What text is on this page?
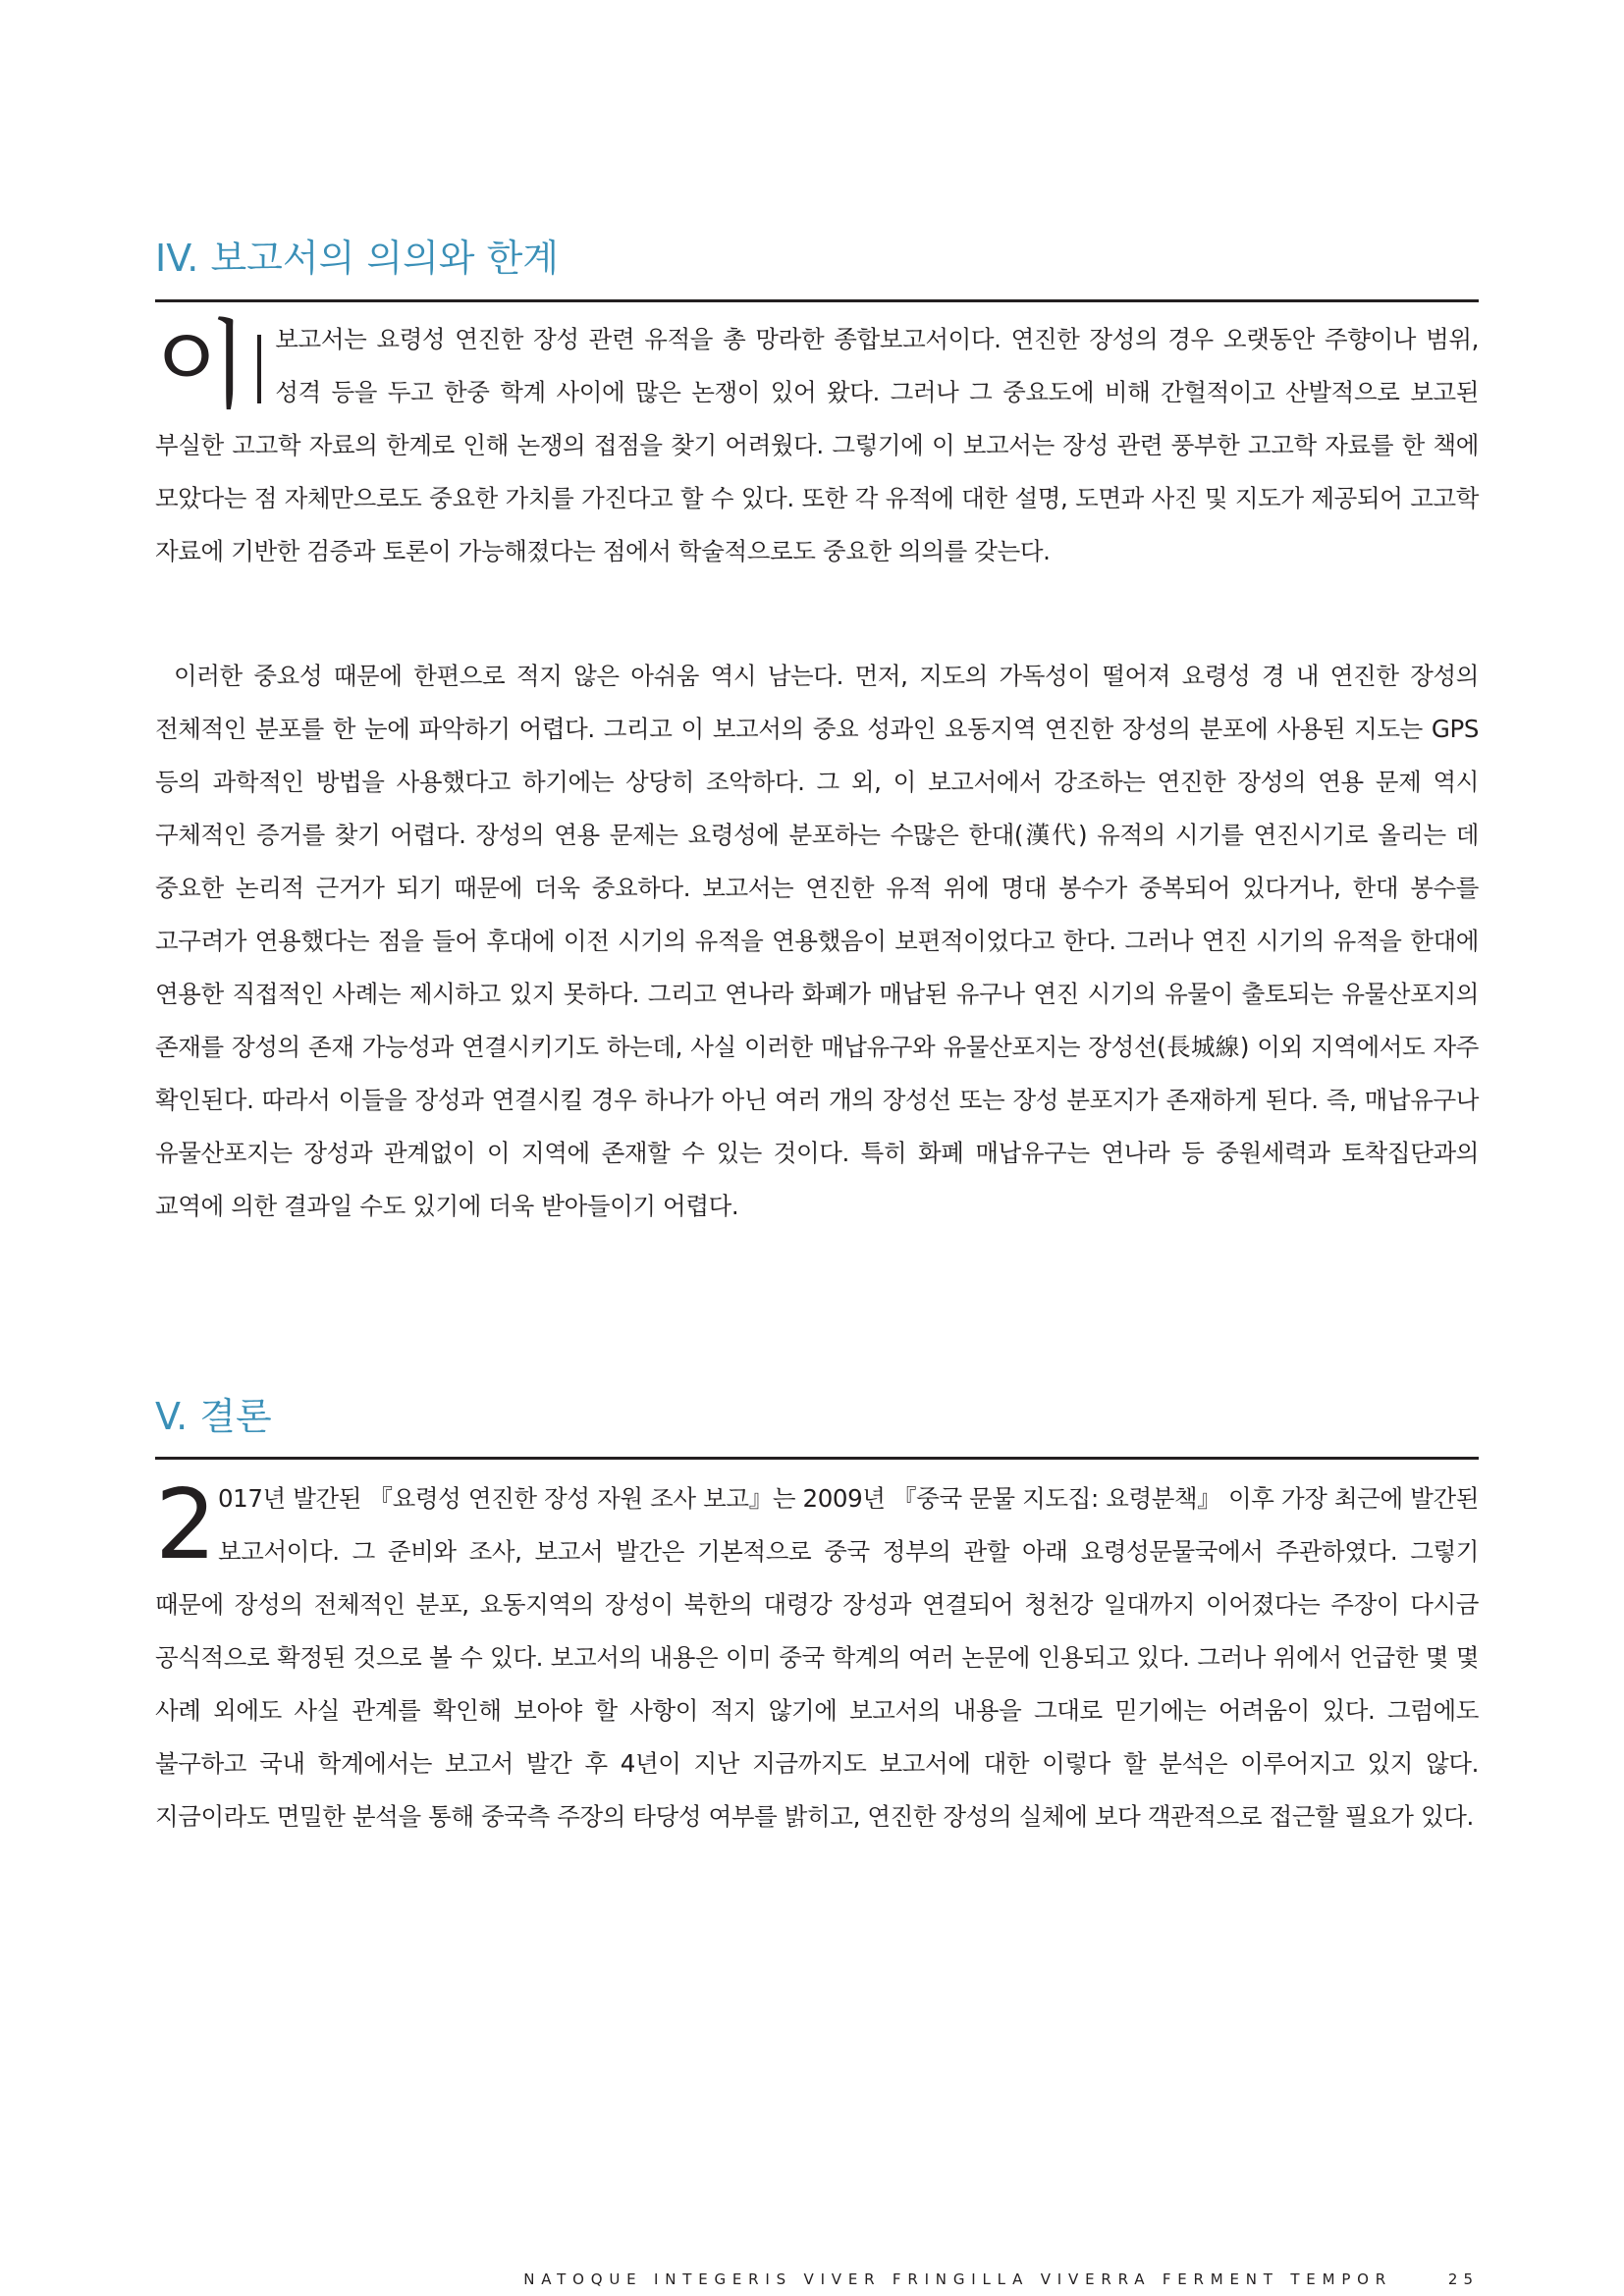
IV. 보고서의 의의와 한계
이 보고서는 요령성 연진한 장성 관련 유적을 총 망라한 종합보고서이다. 연진한 장성의 경우 오랫동안 주향이나 범위, 성격 등을 두고 한중 학계 사이에 많은 논쟁이 있어 왔다. 그러나 그 중요도에 비해 간헐적이고 산발적으로 보고된 부실한 고고학 자료의 한계로 인해 논쟁의 접점을 찾기 어려웠다. 그렇기에 이 보고서는 장성 관련 풍부한 고고학 자료를 한 책에 모았다는 점 자체만으로도 중요한 가치를 가진다고 할 수 있다. 또한 각 유적에 대한 설명, 도면과 사진 및 지도가 제공되어 고고학 자료에 기반한 검증과 토론이 가능해졌다는 점에서 학술적으로도 중요한 의의를 갖는다.
이러한 중요성 때문에 한편으로 적지 않은 아쉬움 역시 남는다. 먼저, 지도의 가독성이 떨어져 요령성 경 내 연진한 장성의 전체적인 분포를 한 눈에 파악하기 어렵다. 그리고 이 보고서의 중요 성과인 요동지역 연진한 장성의 분포에 사용된 지도는 GPS 등의 과학적인 방법을 사용했다고 하기에는 상당히 조악하다. 그 외, 이 보고서에서 강조하는 연진한 장성의 연용 문제 역시 구체적인 증거를 찾기 어렵다. 장성의 연용 문제는 요령성에 분포하는 수많은 한대(漢代) 유적의 시기를 연진시기로 올리는 데 중요한 논리적 근거가 되기 때문에 더욱 중요하다. 보고서는 연진한 유적 위에 명대 봉수가 중복되어 있다거나, 한대 봉수를 고구려가 연용했다는 점을 들어 후대에 이전 시기의 유적을 연용했음이 보편적이었다고 한다. 그러나 연진 시기의 유적을 한대에 연용한 직접적인 사례는 제시하고 있지 못하다. 그리고 연나라 화폐가 매납된 유구나 연진 시기의 유물이 출토되는 유물산포지의 존재를 장성의 존재 가능성과 연결시키기도 하는데, 사실 이러한 매납유구와 유물산포지는 장성선(長城線) 이외 지역에서도 자주 확인된다. 따라서 이들을 장성과 연결시킬 경우 하나가 아닌 여러 개의 장성선 또는 장성 분포지가 존재하게 된다. 즉, 매납유구나 유물산포지는 장성과 관계없이 이 지역에 존재할 수 있는 것이다. 특히 화폐 매납유구는 연나라 등 중원세력과 토착집단과의 교역에 의한 결과일 수도 있기에 더욱 받아들이기 어렵다.
V. 결론
2 017년 발간된 『요령성 연진한 장성 자원 조사 보고』는 2009년 『중국 문물 지도집: 요령분책』 이후 가장 최근에 발간된 보고서이다. 그 준비와 조사, 보고서 발간은 기본적으로 중국 정부의 관할 아래 요령성문물국에서 주관하였다. 그렇기 때문에 장성의 전체적인 분포, 요동지역의 장성이 북한의 대령강 장성과 연결되어 청천강 일대까지 이어졌다는 주장이 다시금 공식적으로 확정된 것으로 볼 수 있다. 보고서의 내용은 이미 중국 학계의 여러 논문에 인용되고 있다. 그러나 위에서 언급한 몇 몇 사례 외에도 사실 관계를 확인해 보아야 할 사항이 적지 않기에 보고서의 내용을 그대로 믿기에는 어려움이 있다. 그럼에도 불구하고 국내 학계에서는 보고서 발간 후 4년이 지난 지금까지도 보고서에 대한 이렇다 할 분석은 이루어지고 있지 않다. 지금이라도 면밀한 분석을 통해 중국측 주장의 타당성 여부를 밝히고, 연진한 장성의 실체에 보다 객관적으로 접근할 필요가 있다.
NATOQUE INTEGERIS VIVER FRINGILLA VIVERRA FERMENT TEMPOR	25
